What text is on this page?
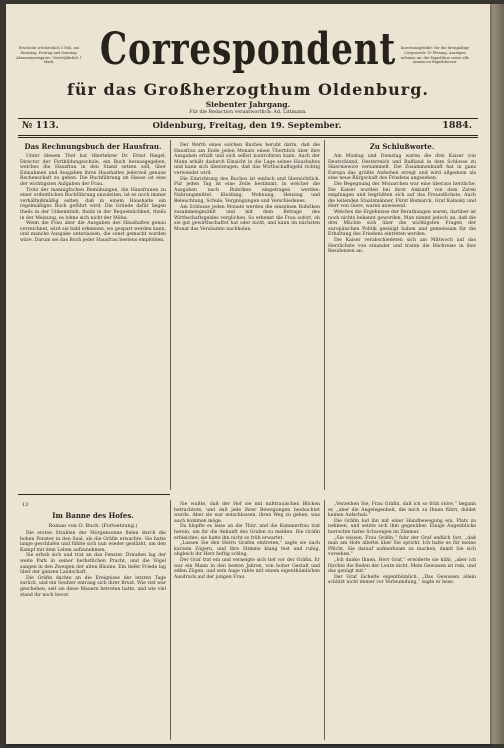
Erscheint wöchentlich 3 Mal, am Dienstag, Freitag und Sonntag. Abonnementspreis: Vierteljährlich 1 Mark.
Insertionsgebühr: für die dreispaltige Corpuszeile 10 Pfennig. Anzeigen nehmen an: die Expedition sowie alle Annoncen-Expeditionen.
Correspondent
für das Großherzogthum Oldenburg.
Siebenter Jahrgang.
Für die Redaction verantwortlich: Ad. Littmann.
№ 113.	Oldenburg, Freitag, den 19. September.	1884.
Das Rechnungsbuch der Hausfrau.

Unter diesem Titel hat Oberlehrer Dr. Ernst Riegel, Director der Fortbildungsschule, ein Buch herausgegeben, welches die Hausfrau in den Stand setzen soll, über Einnahmen und Ausgaben ihres Haushaltes jederzeit genaue Rechenschaft zu geben. Die Buchführung im Hause ist eine der wichtigsten Aufgaben der Frau.

Trotz der mannigfachen Bemühungen, die Hausfrauen zu einer ordentlichen Buchführung anzuleiten, ist es noch immer verhältnißmäßig selten, daß in einem Haushalte ein regelmäßiges Buch geführt wird. Die Gründe dafür liegen theils in der Unkenntniß, theils in der Bequemlichkeit, theils in der Meinung, es lohne sich nicht der Mühe.

Wenn die Frau aber die Ausgaben des Haushaltes genau verzeichnet, wird sie bald erkennen, wo gespart werden kann, und manche Ausgabe unterlassen, die sonst gemacht worden wäre. Darum sei das Buch jeder Hausfrau bestens empfohlen.

Der Werth eines solchen Buches beruht darin, daß die Hausfrau am Ende jeden Monats einen Überblick über ihre Ausgaben erhält und sich selbst kontrolliren kann. Auch der Mann erhält dadurch Einsicht in die Lage seines Haushaltes und kann sich überzeugen, daß das Wirthschaftsgeld richtig verwendet wird.

Die Einrichtung des Buches ist einfach und übersichtlich. Für jeden Tag ist eine Zeile bestimmt, in welcher die Ausgaben nach Rubriken eingetragen werden: Nahrungsmittel, Kleidung, Wohnung, Heizung und Beleuchtung, Schule, Vergnügungen und Verschiedenes.

Am Schlusse jeden Monats werden die einzelnen Rubriken zusammengezählt und mit dem Betrage des Wirthschaftsgeldes verglichen. So erkennt die Frau sofort, ob sie gut gewirthschaftet hat oder nicht, und kann im nächsten Monat das Versäumte nachholen.

Zu Schlußworte.

Am Montag und Dienstag waren die drei Kaiser von Deutschland, Oesterreich und Rußland in dem Schlosse zu Skierniewice versammelt. Die Zusammenkunft hat in ganz Europa das größte Aufsehen erregt und wird allgemein als eine neue Bürgschaft des Friedens angesehen.

Die Begegnung der Monarchen war eine überaus herzliche. Die Kaiser wurden bei ihrer Ankunft von dem Zaren empfangen und begrüßten sich auf das Freundlichste. Auch die leitenden Staatsmänner, Fürst Bismarck, Graf Kalnoky und Herr von Giers, waren anwesend.

Welches die Ergebnisse der Berathungen waren, darüber ist noch nichts bekannt geworden. Man nimmt jedoch an, daß die drei Mächte sich über die wichtigsten Fragen der europäischen Politik geeinigt haben und gemeinsam für die Erhaltung des Friedens eintreten werden.

Die Kaiser verabschiedeten sich am Mittwoch auf das Herzlichste von einander und traten die Rückreise in ihre Residenzen an.

13
Im Banne des Hofes.
Roman von O. Buch. (Fortsetzung.)

Die ersten Strahlen der Morgensonne fielen durch die hohen Fenster in den Saal, als die Gräfin erwachte. Sie hatte lange geschlafen und fühlte sich nun wieder gestärkt, um den Kampf mit dem Leben aufzunehmen.

Sie erhob sich und trat an das Fenster. Draußen lag der weite Park in seiner herbstlichen Pracht, und die Vögel sangen in den Zweigen der alten Bäume. Ein tiefer Friede lag über der ganzen Landschaft.

Die Gräfin dachte an die Ereignisse der letzten Tage zurück, und ein Seufzer entrang sich ihrer Brust. Wie viel war geschehen, seit sie diese Mauern betreten hatte, und wie viel stand ihr noch bevor.

Sie wußte, daß der Hof sie mit mißtrauischen Blicken betrachtete, und daß jede ihrer Bewegungen beobachtet wurde. Aber sie war entschlossen, ihren Weg zu gehen, was auch kommen möge.

Da klopfte es leise an die Thür, und die Kammerfrau trat herein, um ihr die Ankunft des Grafen zu melden. Die Gräfin erbleichte; sie hatte ihn nicht so früh erwartet.

„Lassen Sie den Herrn Grafen eintreten,“ sagte sie nach kurzem Zögern, und ihre Stimme klang fest und ruhig, obgleich ihr Herz heftig schlug.

Der Graf trat ein und verneigte sich tief vor der Gräfin. Er war ein Mann in den besten Jahren, von hoher Gestalt und edlen Zügen, und sein Auge ruhte mit einem eigenthümlichen Ausdruck auf der jungen Frau.

„Verzeihen Sie, Frau Gräfin, daß ich so früh störe,“ begann er, „aber die Angelegenheit, die mich zu Ihnen führt, duldet keinen Aufschub.“

Die Gräfin lud ihn mit einer Handbewegung ein, Platz zu nehmen, und setzte sich ihm gegenüber. Einige Augenblicke herrschte tiefes Schweigen im Zimmer.

„Sie wissen, Frau Gräfin,“ fuhr der Graf endlich fort, „daß man am Hofe allerlei über Sie spricht. Ich halte es für meine Pflicht, Sie darauf aufmerksam zu machen, damit Sie sich vorsehen.“

„Ich danke Ihnen, Herr Graf,“ erwiderte sie kühl, „aber ich fürchte die Reden der Leute nicht. Mein Gewissen ist rein, und das genügt mir.“

Der Graf lächelte eigenthümlich. „Das Gewissen allein schützt nicht immer vor Verleumdung,“ sagte er leise.
